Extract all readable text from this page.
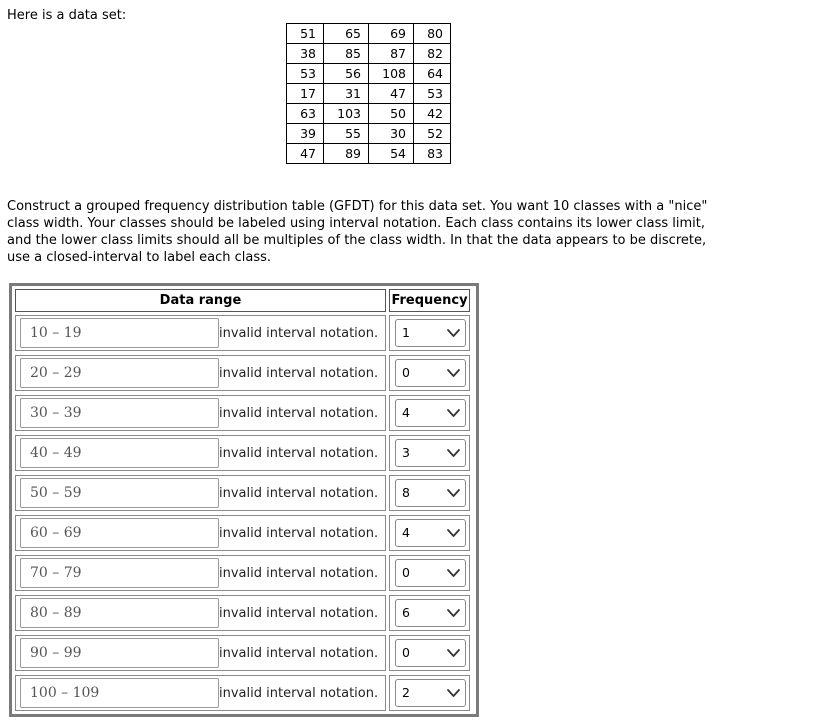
Here is a data set:

51	65	69	80
38	85	87	82
53	56	108	64
17	31	47	53
63	103	50	42
39	55	30	52
47	89	54	83

Construct a grouped frequency distribution table (GFDT) for this data set. You want 10 classes with a "nice" class width. Your classes should be labeled using interval notation. Each class contains its lower class limit, and the lower class limits should all be multiples of the class width. In that the data appears to be discrete, use a closed-interval to label each class.

Data range	Frequency
10 – 19	invalid interval notation. 1
20 – 29	invalid interval notation. 0
30 – 39	invalid interval notation. 4
40 – 49	invalid interval notation. 3
50 – 59	invalid interval notation. 8
60 – 69	invalid interval notation. 4
70 – 79	invalid interval notation. 0
80 – 89	invalid interval notation. 6
90 – 99	invalid interval notation. 0
100 – 109	invalid interval notation. 2
